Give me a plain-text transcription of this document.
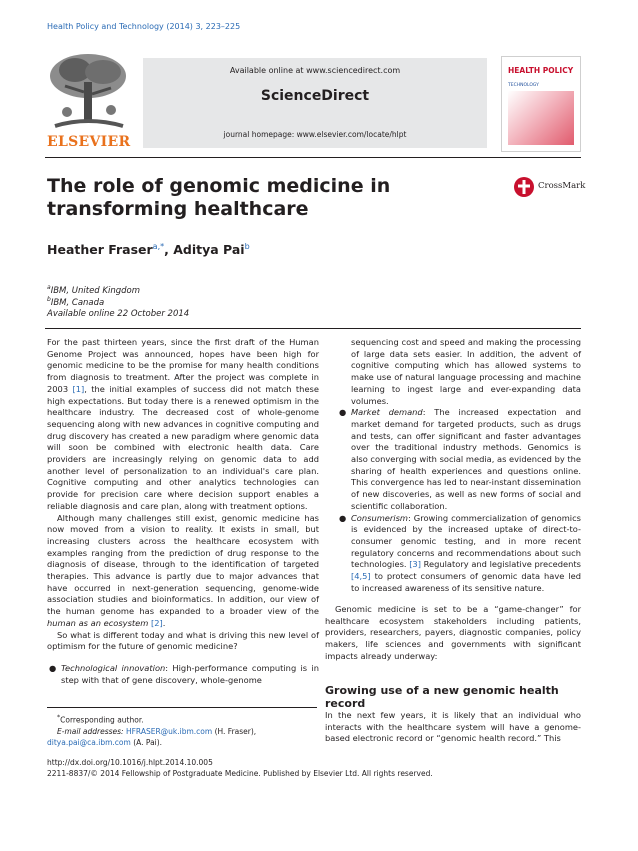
Health Policy and Technology (2014) 3, 223–225
ELSEVIER
Available online at www.sciencedirect.com
ScienceDirect
journal homepage: www.elsevier.com/locate/hlpt
HEALTH POLICY
TECHNOLOGY
The role of genomic medicine in
transforming healthcare
CrossMark
Heather Fraser$^{a,*}$, Aditya Pai$^b$
$^a$IBM, United Kingdom
$^b$IBM, Canada
Available online 22 October 2014

For the past thirteen years, since the first draft of the Human Genome Project was announced, hopes have been high for genomic medicine to be the promise for many health conditions from diagnosis to treatment. After the project was complete in 2003 [1], the initial examples of success did not match these high expectations. But today there is a renewed optimism in the healthcare industry. The decreased cost of whole-genome sequencing along with new advances in cognitive computing and drug discovery has created a new paradigm where genomic data will soon be combined with electronic health data. Care providers are increasingly relying on genomic data to add another level of personalization to an individual's care plan. Cognitive computing and other analytics technologies can provide for precision care where decision support enables a reliable diagnosis and care plan, along with treatment options.

Although many challenges still exist, genomic medicine has now moved from a vision to reality. It exists in small, but increasing clusters across the healthcare ecosystem with examples ranging from the prediction of drug response to the diagnosis of disease, through to the identification of targeted therapies. This advance is partly due to major advances that have occurred in next-generation sequencing, genome-wide association studies and bioinformatics. In addition, our view of the human genome has expanded to a broader view of the human as an ecosystem [2].

So what is different today and what is driving this new level of optimism for the future of genomic medicine?

● Technological innovation: High-performance computing is in step with that of gene discovery, whole-genome

sequencing cost and speed and making the processing of large data sets easier. In addition, the advent of cognitive computing which has allowed systems to make use of natural language processing and machine learning to ingest large and ever-expanding data volumes.

● Market demand: The increased expectation and market demand for targeted products, such as drugs and tests, can offer significant and faster advantages over the traditional industry methods. Genomics is also converging with social media, as evidenced by the sharing of health experiences and questions online. This convergence has led to near-instant dissemination of new discoveries, as well as new forms of social and scientific collaboration.

● Consumerism: Growing commercialization of genomics is evidenced by the increased uptake of direct-to-consumer genomic testing, and in more recent regulatory concerns and recommendations about such technologies. [3] Regulatory and legislative precedents [4,5] to protect consumers of genomic data have led to increased awareness of its sensitive nature.

Genomic medicine is set to be a “game-changer” for healthcare ecosystem stakeholders including patients, providers, researchers, payers, diagnostic companies, policy makers, life sciences and governments with significant impacts already underway:

Growing use of a new genomic health record
In the next few years, it is likely that an individual who interacts with the healthcare system will have a genome-based electronic record or “genomic health record.” This
*Corresponding author.
E-mail addresses: HFRASER@uk.ibm.com (H. Fraser),
ditya.pai@ca.ibm.com (A. Pai).
http://dx.doi.org/10.1016/j.hlpt.2014.10.005
2211-8837/© 2014 Fellowship of Postgraduate Medicine. Published by Elsevier Ltd. All rights reserved.
